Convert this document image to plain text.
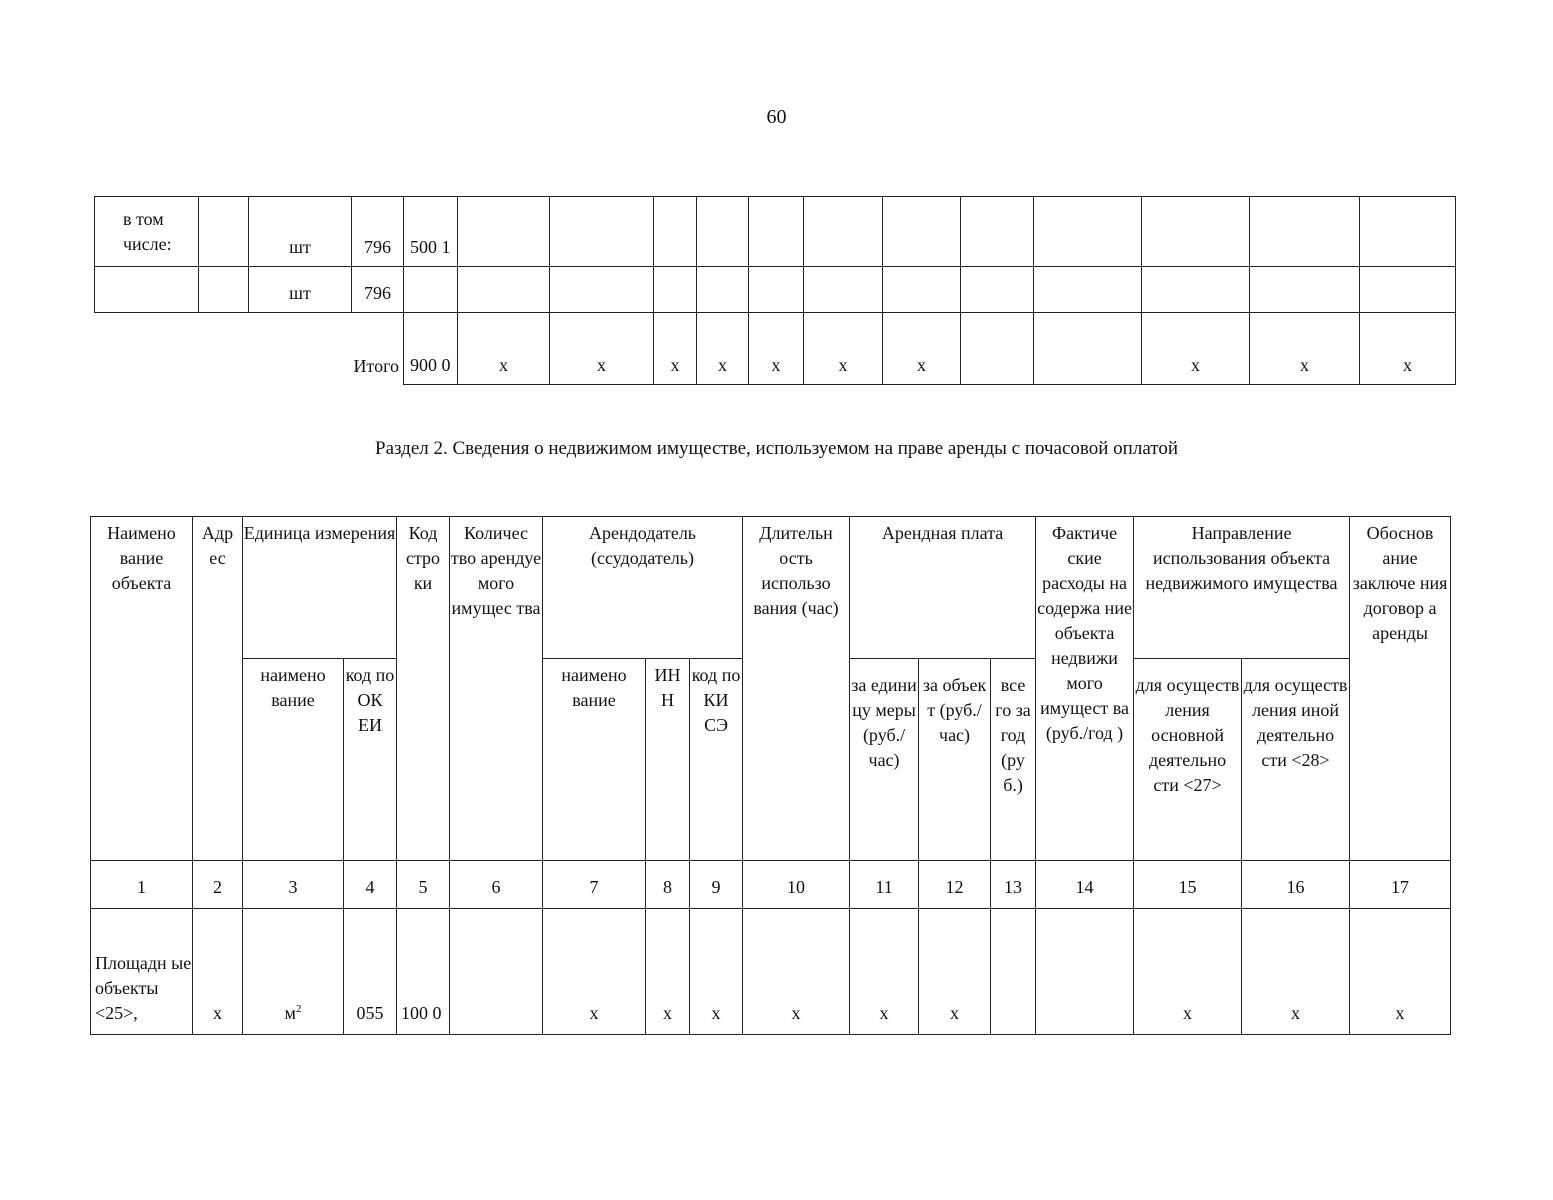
60
в том числе:		шт	796	500 1												
		шт	796													
Итого				900 0	х	х	х	х	х	х	х			х	х	х
Раздел 2. Сведения о недвижимом имуществе, используемом на праве аренды с почасовой оплатой
Наимено вание объекта	Адр ес	Единица измерения		Код стро ки	Количес тво арендуе мого имущес тва	Арендодатель (ссудодатель)			Длительн ость использо вания (час)	Арендная плата			Фактиче ские расходы на содержа ние объекта недвижи мого имущест ва (руб./год )	Направление использования объекта недвижимого имущества		Обоснов ание заключе ния договор а аренды
		наимено вание	код по ОК ЕИ			наимено вание	ИН Н	код по КИ СЭ		за едини цу меры (руб./ час)	за объек т (руб./ час)	все го за год (ру б.)		для осуществ ления основной деятельно сти <27>	для осуществ ления иной деятельно сти <28>	
1	2	3	4	5	6	7	8	9	10	11	12	13	14	15	16	17
Площадн ые объекты <25>,	х	$м^2$	055	100 0		х	х	х	х	х	х			х	х	х
